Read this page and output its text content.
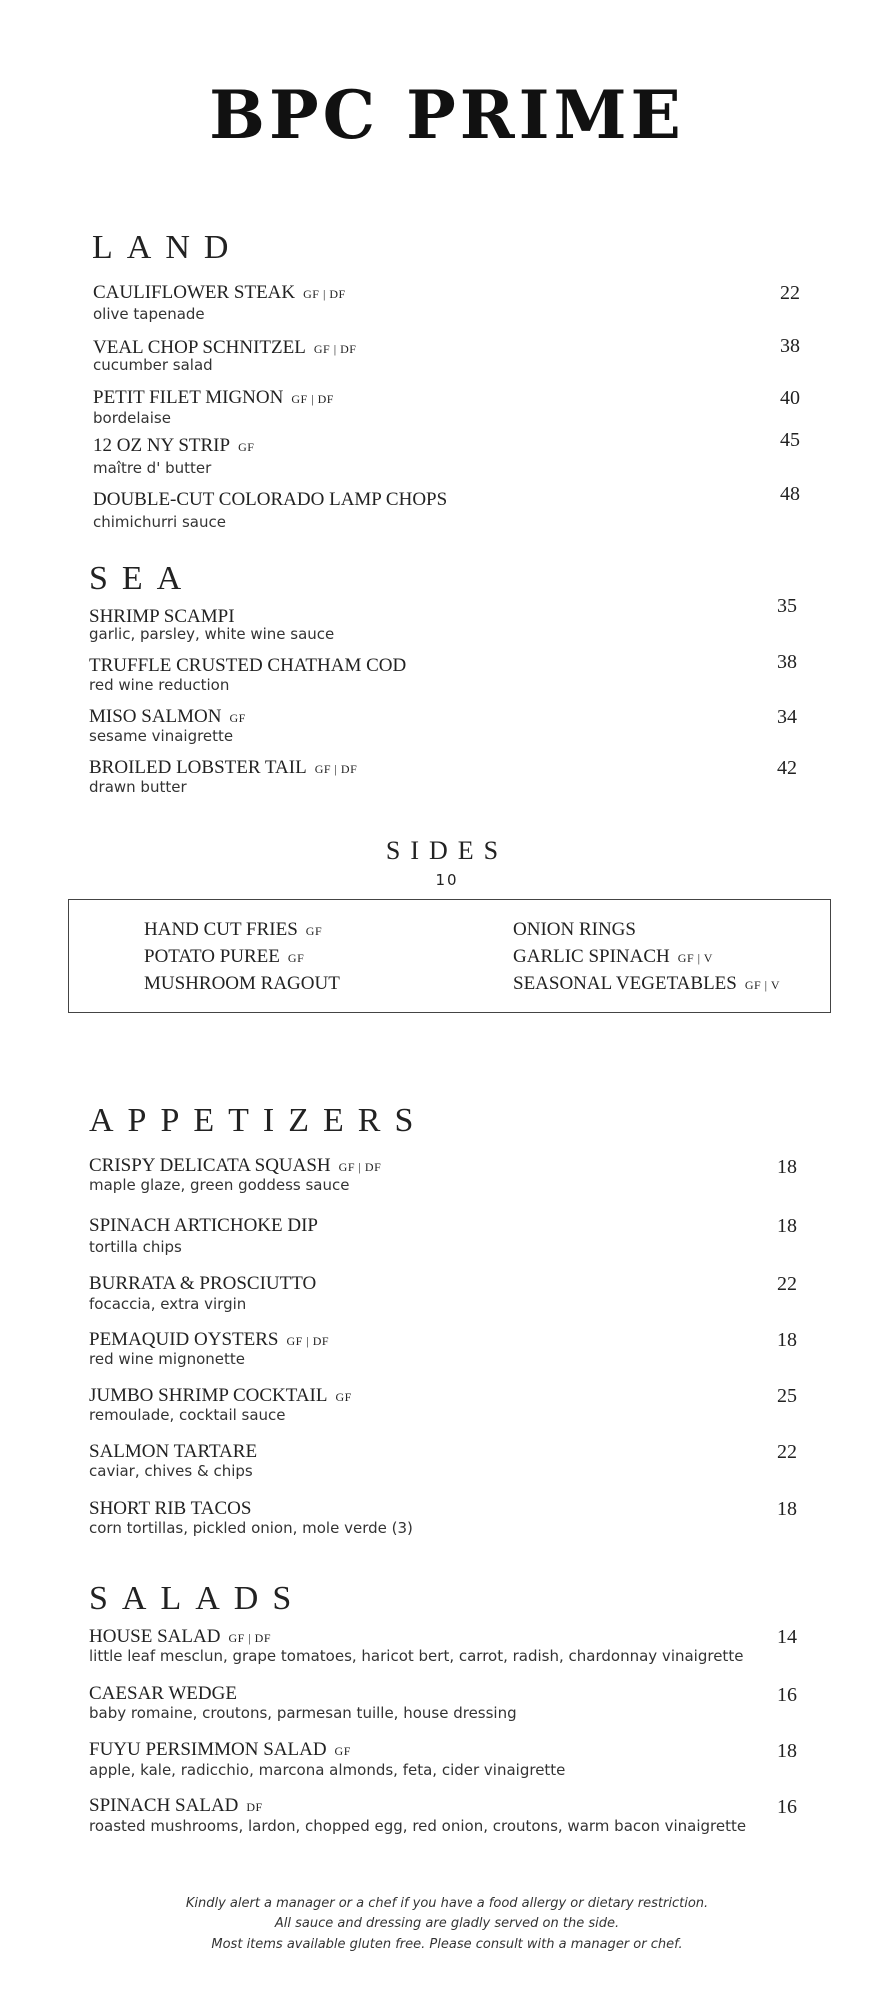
BPC PRIME
LAND
CAULIFLOWER STEAK GF | DF
olive tapenade
22
VEAL CHOP SCHNITZEL GF | DF
cucumber salad
38
PETIT FILET MIGNON GF | DF
bordelaise
40
12 OZ NY STRIP GF
maître d' butter
45
DOUBLE-CUT COLORADO LAMP CHOPS
chimichurri sauce
48
SEA
SHRIMP SCAMPI
garlic, parsley, white wine sauce
35
TRUFFLE CRUSTED CHATHAM COD
red wine reduction
38
MISO SALMON GF
sesame vinaigrette
34
BROILED LOBSTER TAIL GF | DF
drawn butter
42
SIDES
10
HAND CUT FRIES GF
POTATO PUREE GF
MUSHROOM RAGOUT
ONION RINGS
GARLIC SPINACH GF | V
SEASONAL VEGETABLES GF | V
APPETIZERS
CRISPY DELICATA SQUASH GF | DF
maple glaze, green goddess sauce
18
SPINACH ARTICHOKE DIP
tortilla chips
18
BURRATA & PROSCIUTTO
focaccia, extra virgin
22
PEMAQUID OYSTERS GF | DF
red wine mignonette
18
JUMBO SHRIMP COCKTAIL GF
remoulade, cocktail sauce
25
SALMON TARTARE
caviar, chives & chips
22
SHORT RIB TACOS
corn tortillas, pickled onion, mole verde (3)
18
SALADS
HOUSE SALAD GF | DF
little leaf mesclun, grape tomatoes, haricot bert, carrot, radish, chardonnay vinaigrette
14
CAESAR WEDGE
baby romaine, croutons, parmesan tuille, house dressing
16
FUYU PERSIMMON SALAD GF
apple, kale, radicchio, marcona almonds, feta, cider vinaigrette
18
SPINACH SALAD DF
roasted mushrooms, lardon, chopped egg, red onion, croutons, warm bacon vinaigrette
16
Kindly alert a manager or a chef if you have a food allergy or dietary restriction.
All sauce and dressing are gladly served on the side.
Most items available gluten free. Please consult with a manager or chef.
